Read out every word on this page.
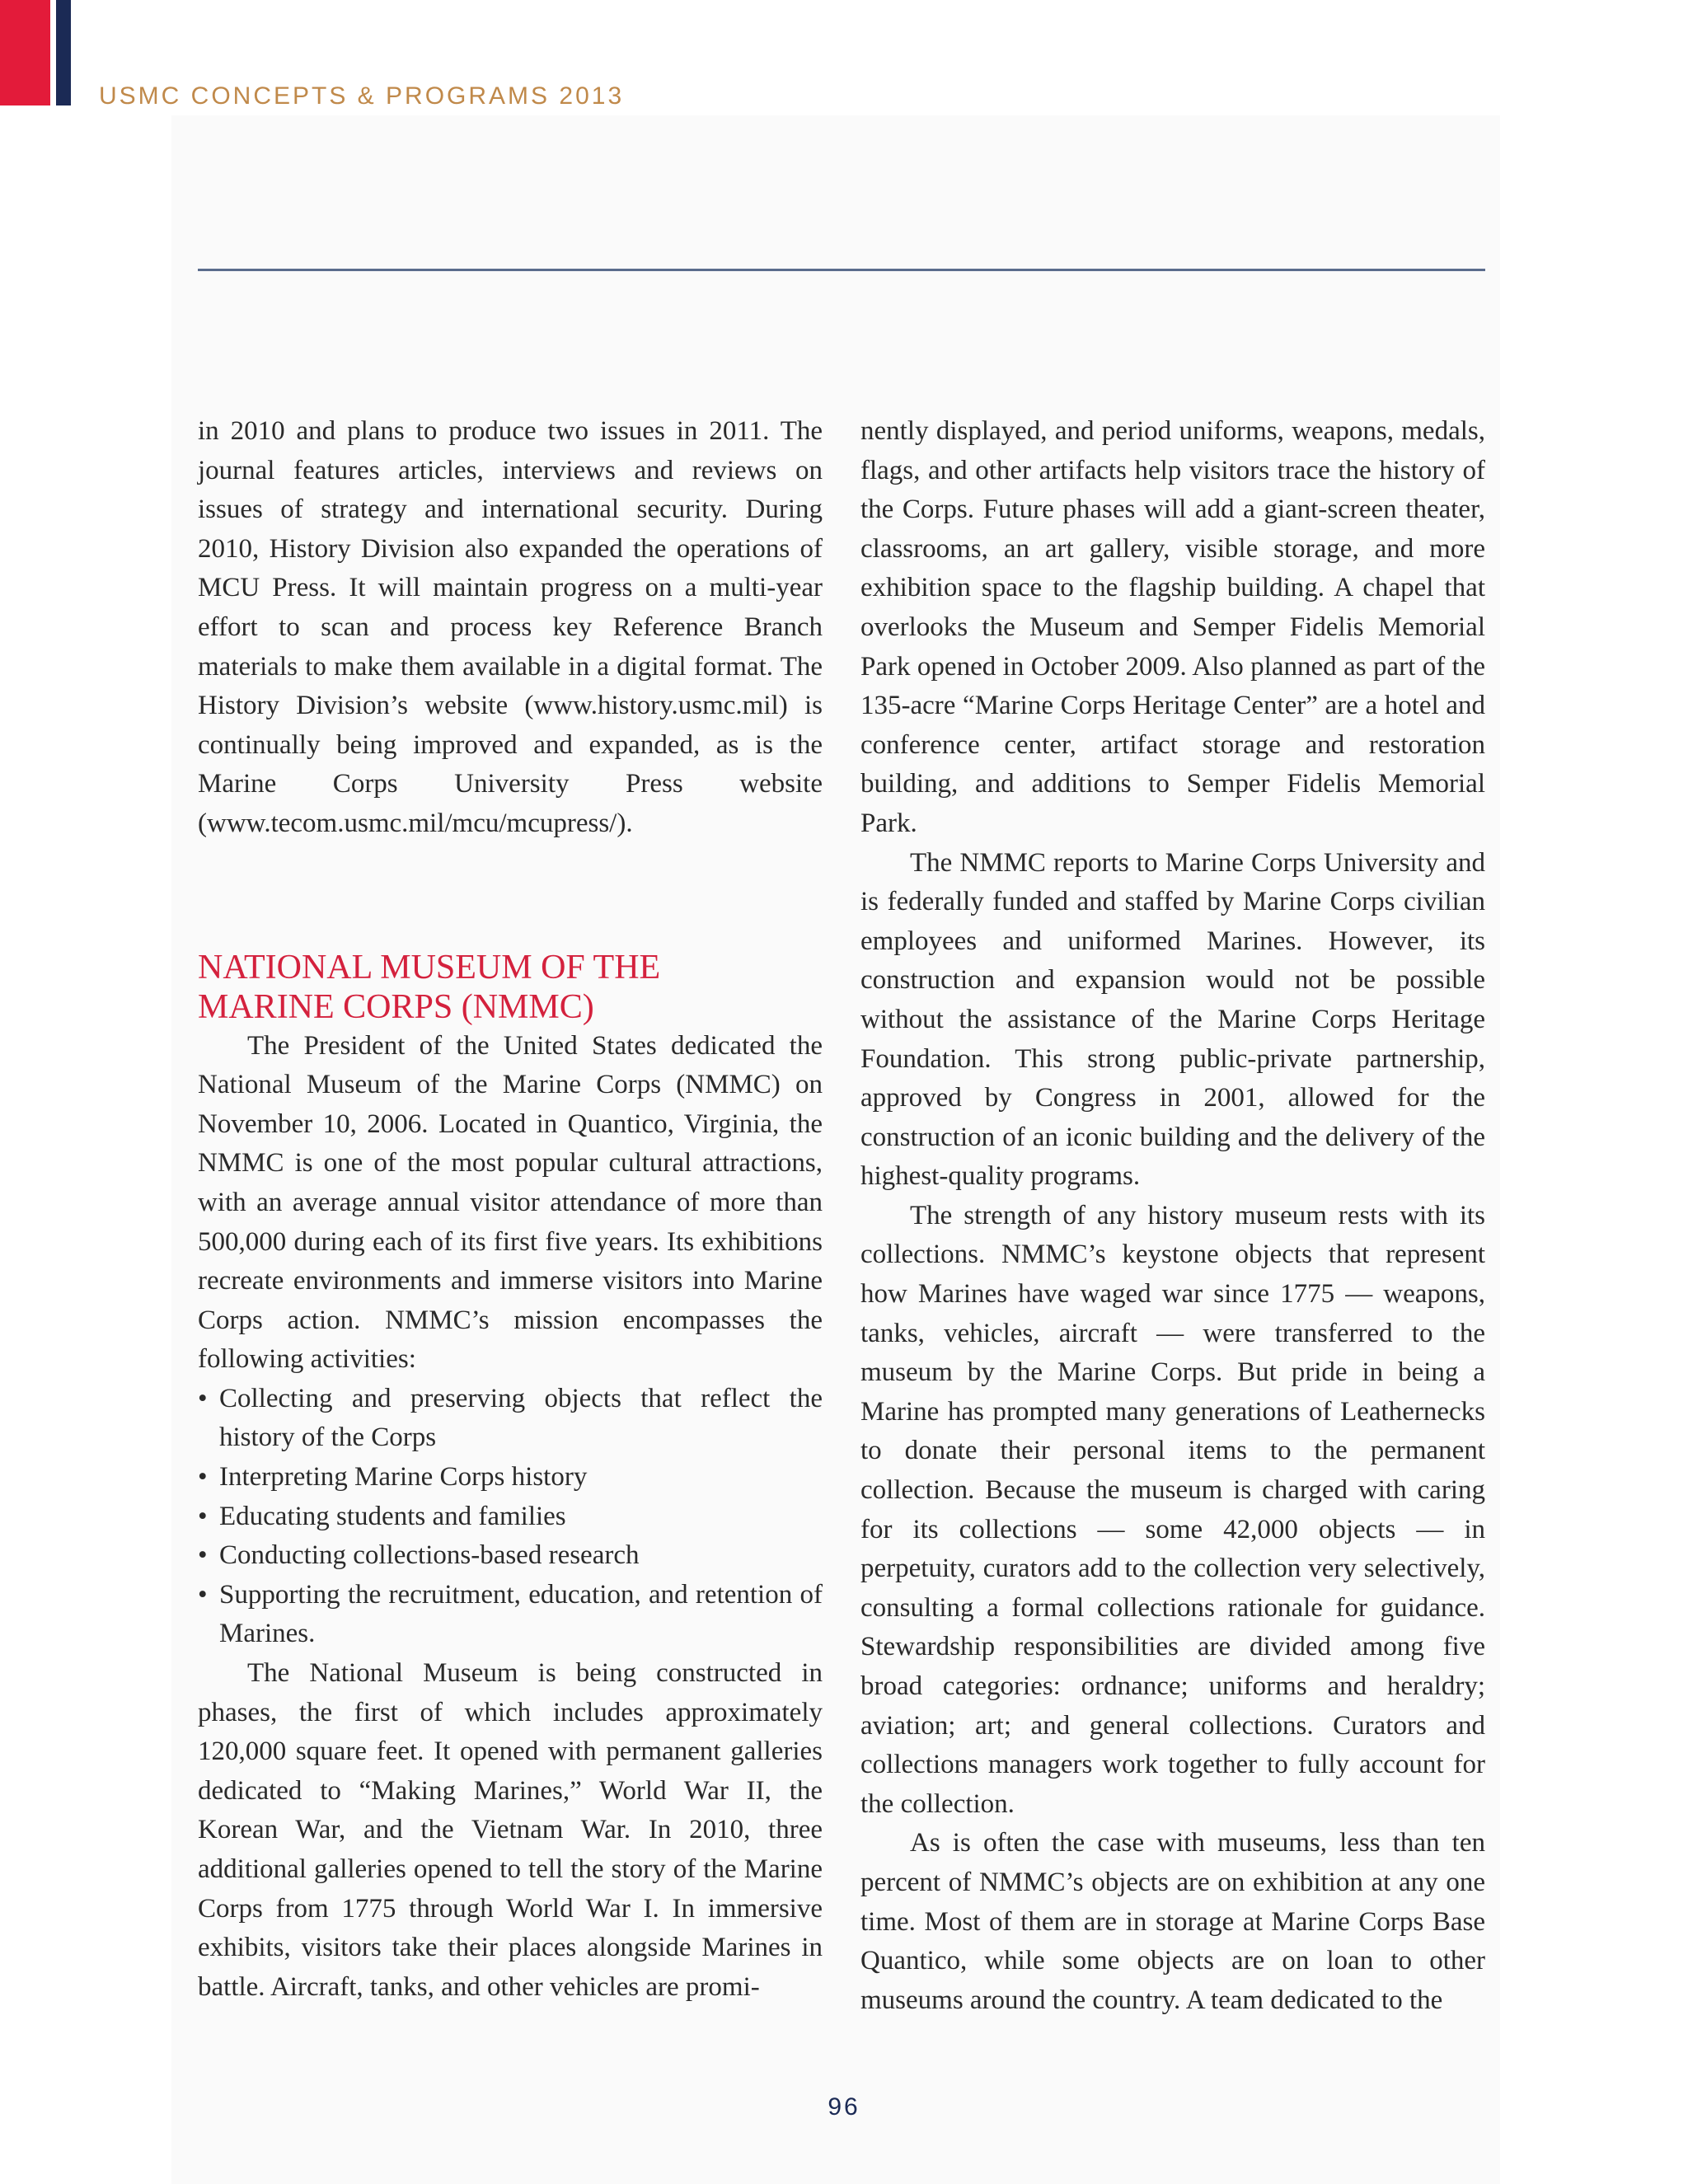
USMC CONCEPTS & PROGRAMS 2013

in 2010 and plans to produce two issues in 2011. The journal features articles, interviews and reviews on issues of strategy and international security. During 2010, History Division also expanded the operations of MCU Press. It will maintain progress on a multi-year effort to scan and process key Reference Branch materials to make them available in a digital format. The History Division’s website (www.history.usmc.mil) is continually being improved and expanded, as is the Marine Corps University Press website (www.tecom.usmc.mil/mcu/mcupress/).

NATIONAL MUSEUM OF THE
MARINE CORPS (NMMC)

The President of the United States dedicated the National Museum of the Marine Corps (NMMC) on November 10, 2006. Located in Quantico, Virginia, the NMMC is one of the most popular cultural attractions, with an average annual visitor attendance of more than 500,000 during each of its first five years. Its exhibitions recreate environments and immerse visitors into Marine Corps action. NMMC’s mission encompasses the following activities:

• Collecting and preserving objects that reflect the history of the Corps
• Interpreting Marine Corps history
• Educating students and families
• Conducting collections-based research
• Supporting the recruitment, education, and retention of Marines.

The National Museum is being constructed in phases, the first of which includes approximately 120,000 square feet. It opened with permanent galleries dedicated to “Making Marines,” World War II, the Korean War, and the Vietnam War. In 2010, three additional galleries opened to tell the story of the Marine Corps from 1775 through World War I. In immersive exhibits, visitors take their places alongside Marines in battle. Aircraft, tanks, and other vehicles are promi-

nently displayed, and period uniforms, weapons, medals, flags, and other artifacts help visitors trace the history of the Corps. Future phases will add a giant-screen theater, classrooms, an art gallery, visible storage, and more exhibition space to the flagship building. A chapel that overlooks the Museum and Semper Fidelis Memorial Park opened in October 2009. Also planned as part of the 135-acre “Marine Corps Heritage Center” are a hotel and conference center, artifact storage and restoration building, and additions to Semper Fidelis Memorial Park.

The NMMC reports to Marine Corps University and is federally funded and staffed by Marine Corps civilian employees and uniformed Marines. However, its construction and expansion would not be possible without the assistance of the Marine Corps Heritage Foundation. This strong public-private partnership, approved by Congress in 2001, allowed for the construction of an iconic building and the delivery of the highest-quality programs.

The strength of any history museum rests with its collections. NMMC’s keystone objects that represent how Marines have waged war since 1775 — weapons, tanks, vehicles, aircraft — were transferred to the museum by the Marine Corps. But pride in being a Marine has prompted many generations of Leathernecks to donate their personal items to the permanent collection. Because the museum is charged with caring for its collections — some 42,000 objects — in perpetuity, curators add to the collection very selectively, consulting a formal collections rationale for guidance. Stewardship responsibilities are divided among five broad categories: ordnance; uniforms and heraldry; aviation; art; and general collections. Curators and collections managers work together to fully account for the collection.

As is often the case with museums, less than ten percent of NMMC’s objects are on exhibition at any one time. Most of them are in storage at Marine Corps Base Quantico, while some objects are on loan to other museums around the country. A team dedicated to the

96
